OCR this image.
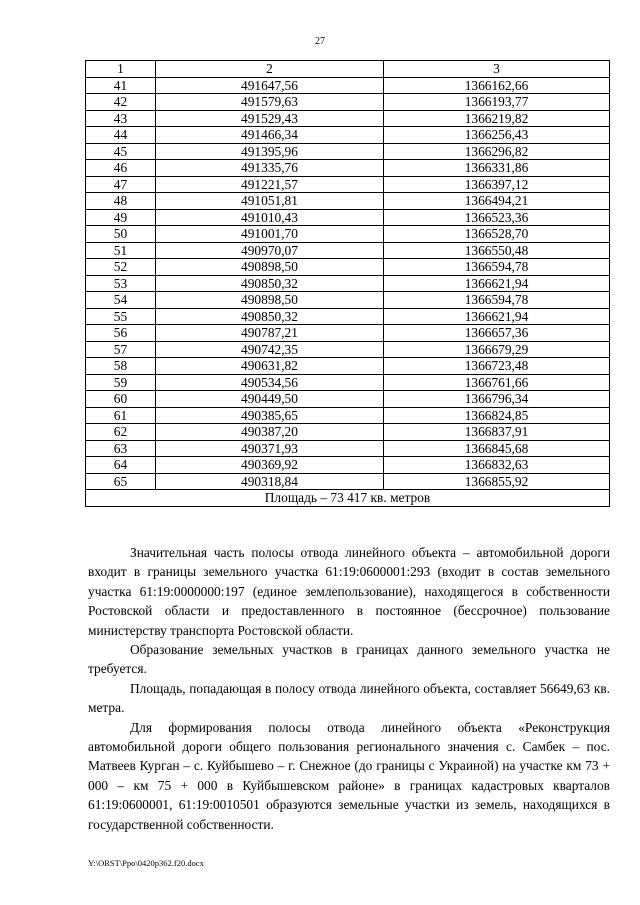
27
1	2	3
41	491647,56	1366162,66
42	491579,63	1366193,77
43	491529,43	1366219,82
44	491466,34	1366256,43
45	491395,96	1366296,82
46	491335,76	1366331,86
47	491221,57	1366397,12
48	491051,81	1366494,21
49	491010,43	1366523,36
50	491001,70	1366528,70
51	490970,07	1366550,48
52	490898,50	1366594,78
53	490850,32	1366621,94
54	490898,50	1366594,78
55	490850,32	1366621,94
56	490787,21	1366657,36
57	490742,35	1366679,29
58	490631,82	1366723,48
59	490534,56	1366761,66
60	490449,50	1366796,34
61	490385,65	1366824,85
62	490387,20	1366837,91
63	490371,93	1366845,68
64	490369,92	1366832,63
65	490318,84	1366855,92
Площадь – 73 417 кв. метров		

Значительная часть полосы отвода линейного объекта – автомобильной дороги входит в границы земельного участка 61:19:0600001:293 (входит в состав земельного участка 61:19:0000000:197 (единое землепользование), находящегося в собственности Ростовской области и предоставленного в постоянное (бессрочное) пользование министерству транспорта Ростовской области.

Образование земельных участков в границах данного земельного участка не требуется.

Площадь, попадающая в полосу отвода линейного объекта, составляет 56649,63 кв. метра.

Для формирования полосы отвода линейного объекта «Реконструкция автомобильной дороги общего пользования регионального значения с. Самбек – пос. Матвеев Курган – с. Куйбышево – г. Снежное (до границы с Украиной) на участке км 73 + 000 – км 75 + 000 в Куйбышевском районе» в границах кадастровых кварталов 61:19:0600001, 61:19:0010501 образуются земельные участки из земель, находящихся в государственной собственности.

Y:\ORST\Ppo\0420p362.f20.docx
